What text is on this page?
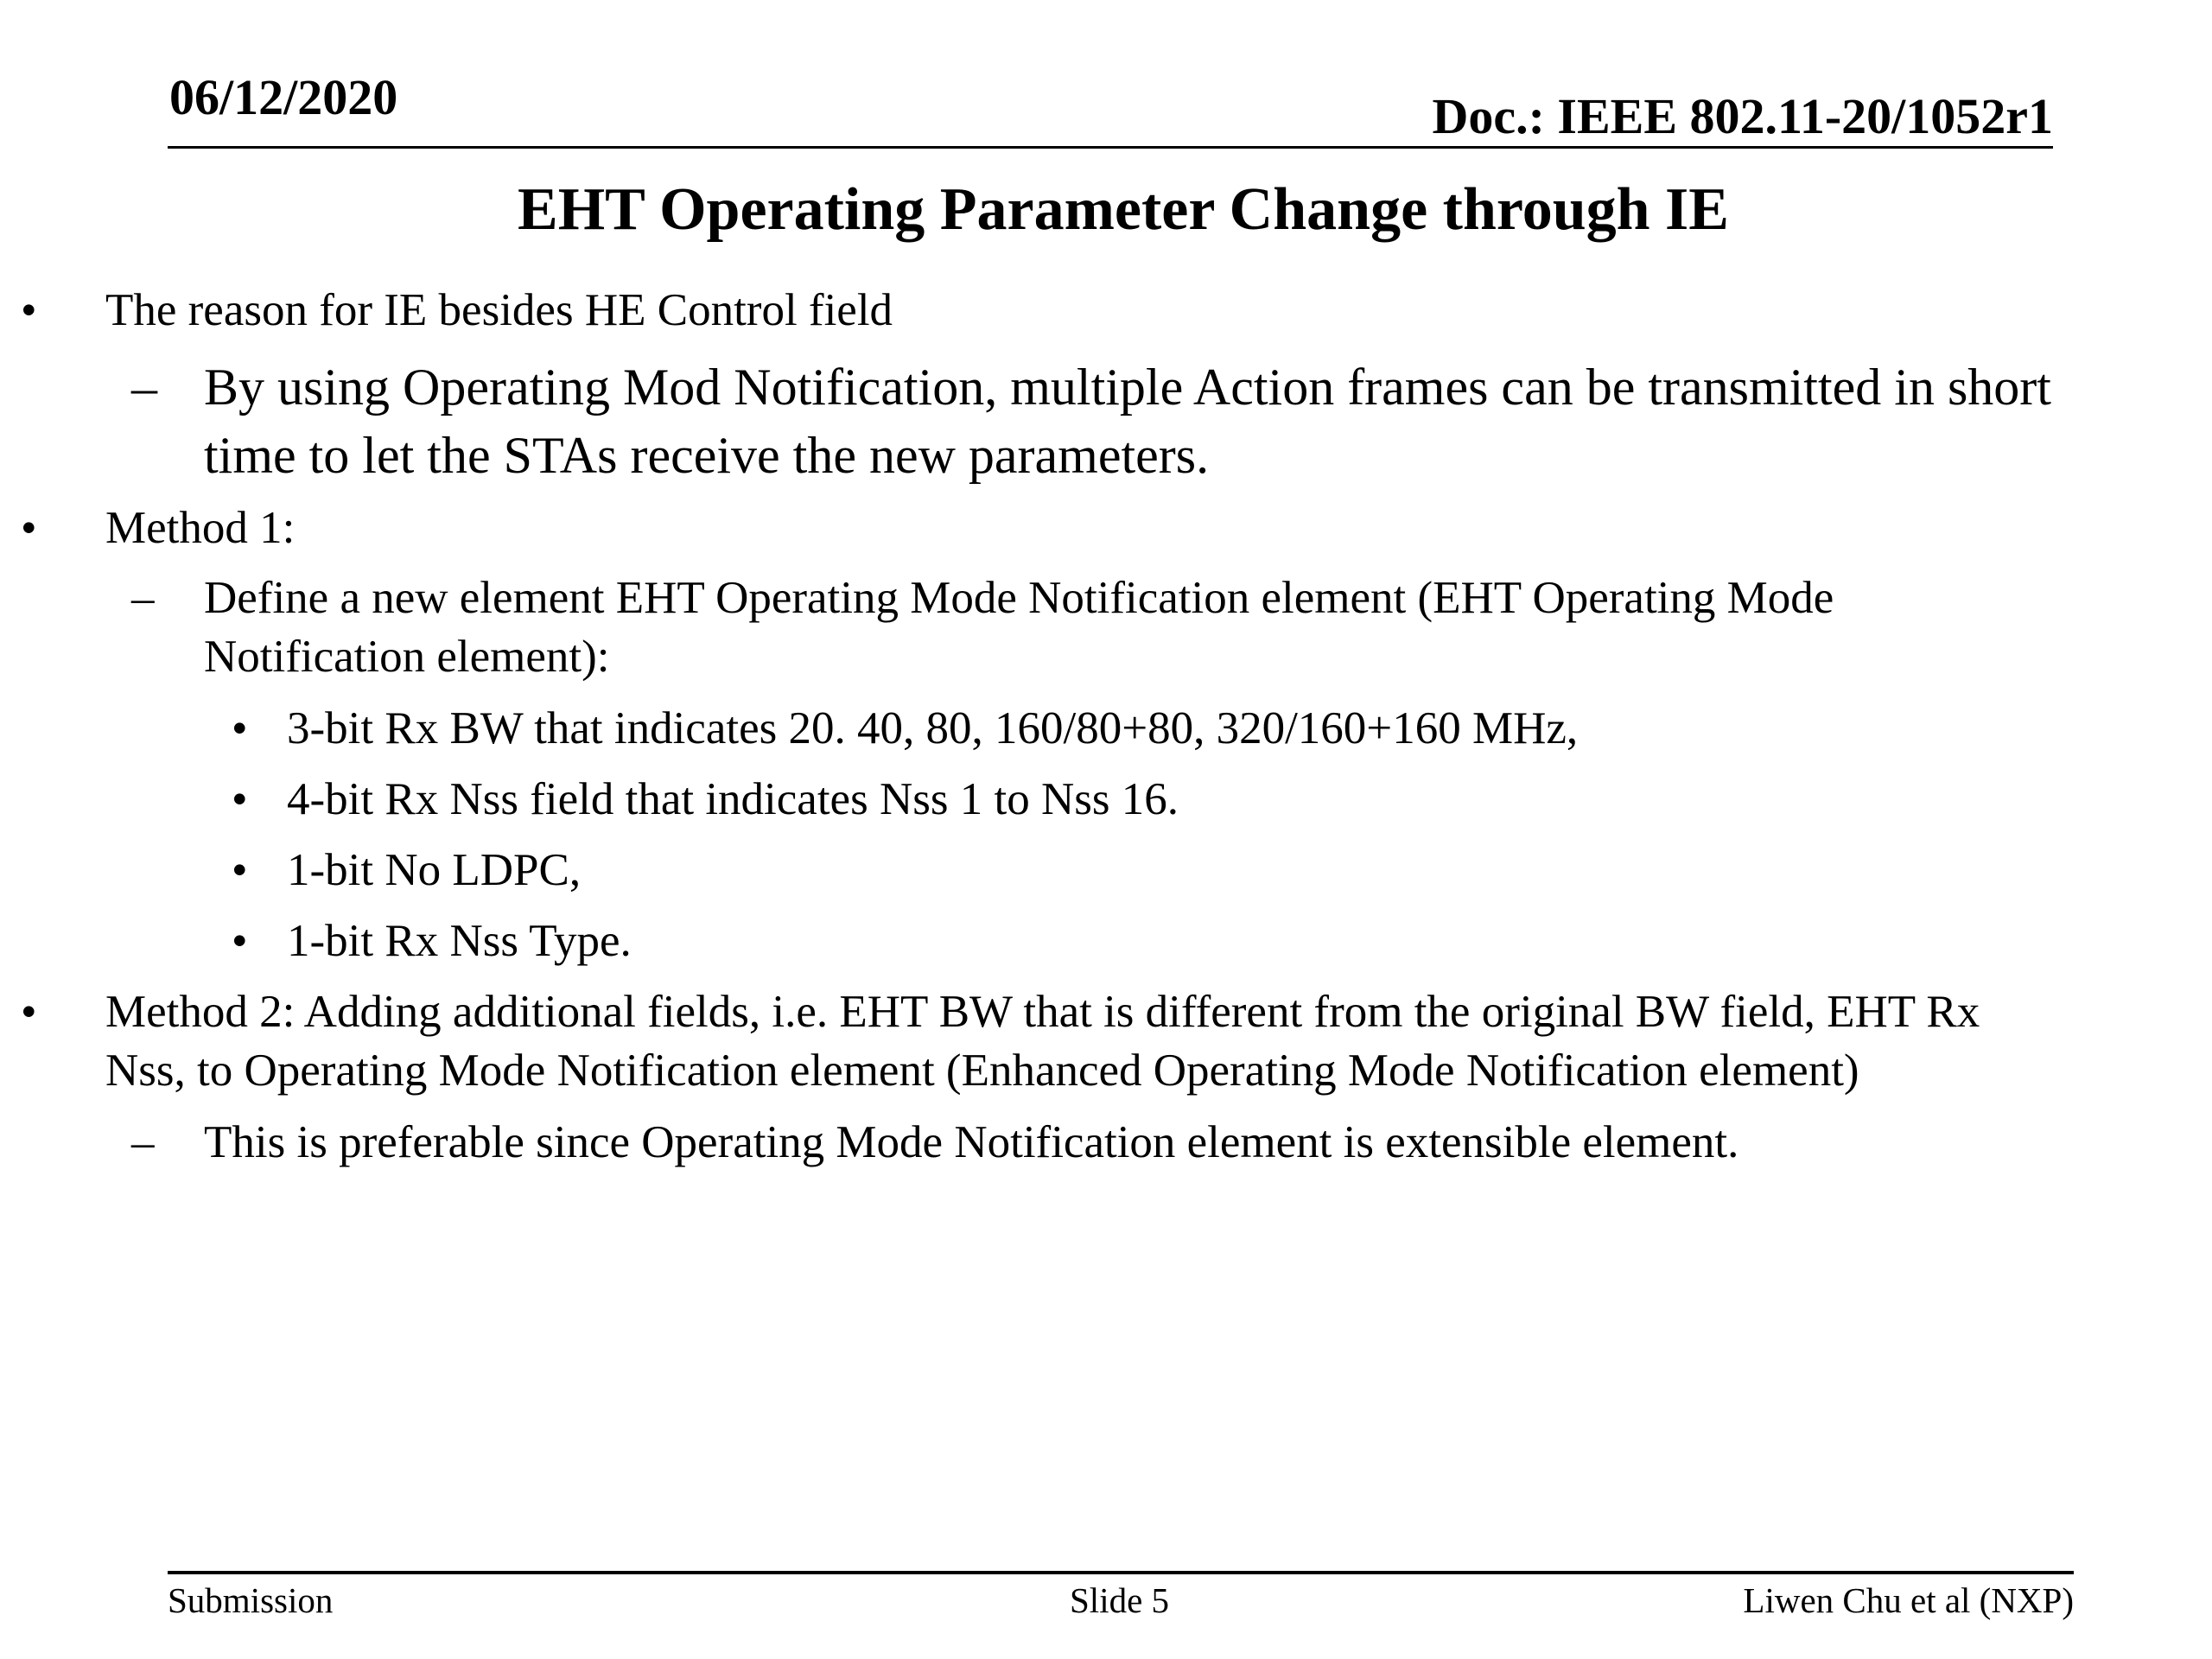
06/12/2020	Doc.: IEEE 802.11-20/1052r1
EHT Operating Parameter Change through IE
• The reason for IE besides HE Control field
– By using Operating Mod Notification, multiple Action frames can be transmitted in short
time to let the STAs receive the new parameters.
• Method 1:
– Define a new element EHT Operating Mode Notification element (EHT Operating Mode
Notification element):
• 3-bit Rx BW that indicates 20. 40, 80, 160/80+80, 320/160+160 MHz,
• 4-bit Rx Nss field that indicates Nss 1 to Nss 16.
• 1-bit No LDPC,
• 1-bit Rx Nss Type.
• Method 2: Adding additional fields, i.e. EHT BW that is different from the original BW field, EHT Rx
Nss, to Operating Mode Notification element (Enhanced Operating Mode Notification element)
– This is preferable since Operating Mode Notification element is extensible element.
Submission	Slide 5	Liwen Chu et al (NXP)
